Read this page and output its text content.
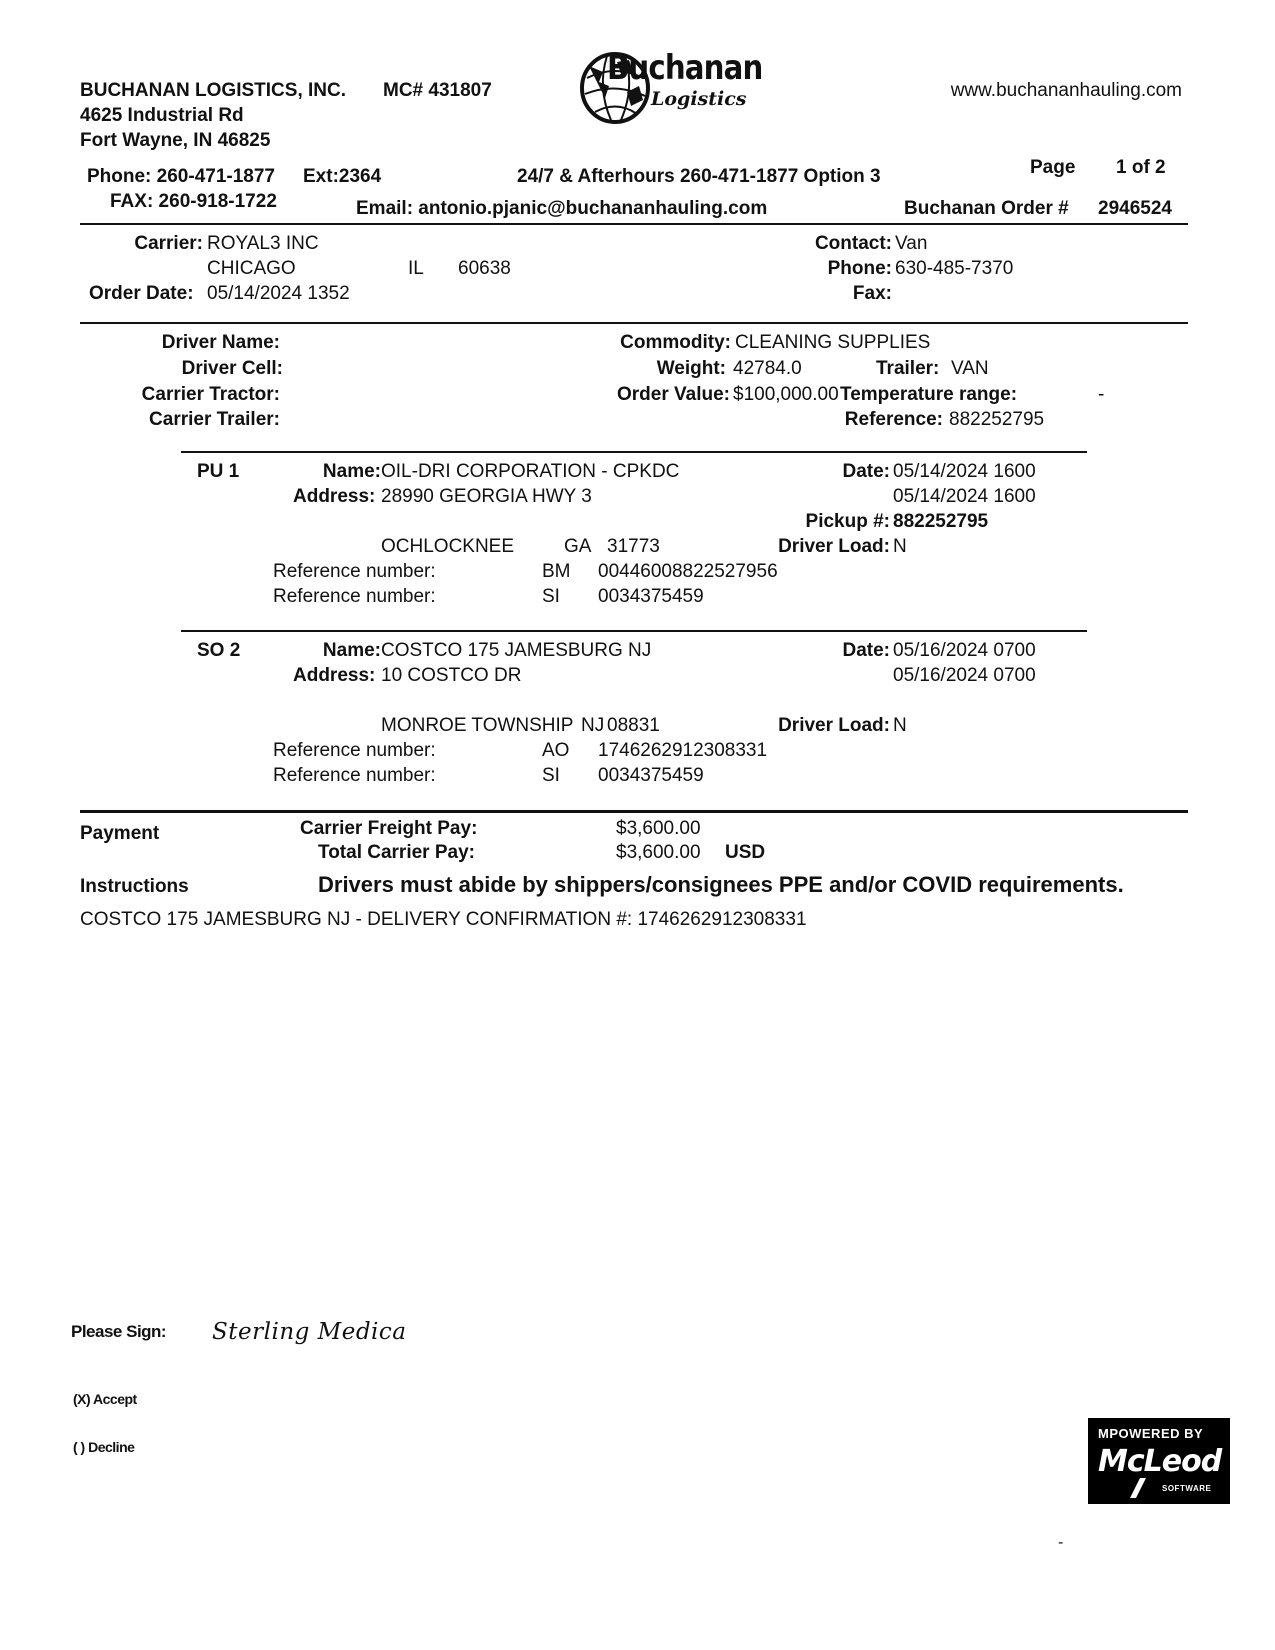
BUCHANAN LOGISTICS, INC. MC# 431807
4625 Industrial Rd
Fort Wayne, IN 46825
Buchanan
Logistics	www.buchananhauling.com
Phone: 260-471-1877 Ext:2364
FAX: 260-918-1722
24/7 & Afterhours 260-471-1877 Option 3
Email: antonio.pjanic@buchananhauling.com
Page 1 of 2
Buchanan Order # 2946524
Carrier: ROYAL3 INC
CHICAGO	IL 60638
Order Date: 05/14/2024 1352
Contact: Van
Phone: 630-485-7370
Fax:
Driver Name:
Driver Cell:
Carrier Tractor:
Carrier Trailer:
Commodity: CLEANING SUPPLIES
Weight: 42784.0	Trailer: VAN
Order Value: $100,000.00 Temperature range:	-
Reference: 882252795
PU 1	Name: OIL-DRI CORPORATION - CPKDC
Address: 28990 GEORGIA HWY 3
OCHLOCKNEE	GA 31773
Reference number:	BM 00446008822527956
Reference number:	SI 0034375459
Date: 05/14/2024 1600
05/14/2024 1600
Pickup #: 882252795
Driver Load: N
SO 2	Name: COSTCO 175 JAMESBURG NJ
Address: 10 COSTCO DR
MONROE TOWNSHIP NJ 08831
Reference number:	AO 1746262912308331
Reference number:	SI 0034375459
Date: 05/16/2024 0700
05/16/2024 0700
Driver Load: N
Payment	Carrier Freight Pay:	$3,600.00
Total Carrier Pay:	$3,600.00 USD
Instructions	Drivers must abide by shippers/consignees PPE and/or COVID requirements.
COSTCO 175 JAMESBURG NJ - DELIVERY CONFIRMATION #: 1746262912308331
Please Sign: Sterling Medica
(X) Accept
( ) Decline
MPOWERED BY
McLeod
SOFTWARE
-
